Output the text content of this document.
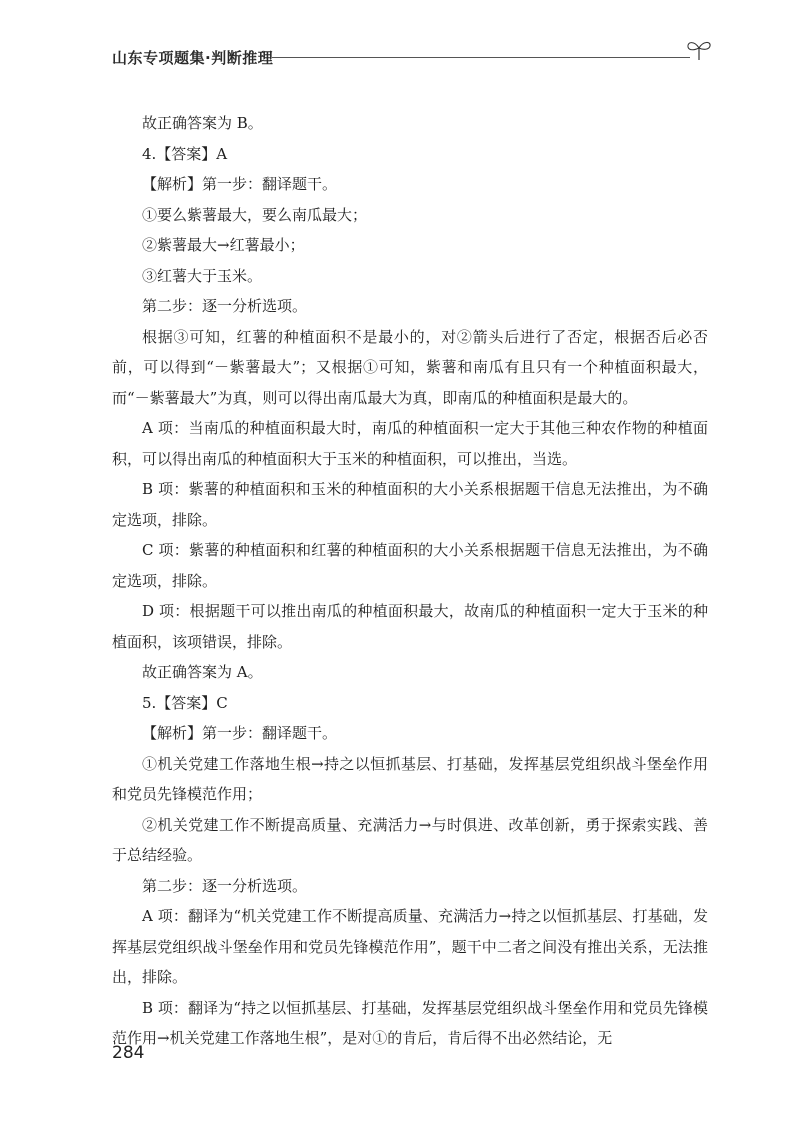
山东专项题集·判断推理

故正确答案为 B。

4.【答案】A

【解析】第一步：翻译题干。

①要么紫薯最大，要么南瓜最大；

②紫薯最大→红薯最小；

③红薯大于玉米。

第二步：逐一分析选项。

根据③可知，红薯的种植面积不是最小的，对②箭头后进行了否定，根据否后必否前，可以得到“－紫薯最大”；又根据①可知，紫薯和南瓜有且只有一个种植面积最大，而“－紫薯最大”为真，则可以得出南瓜最大为真，即南瓜的种植面积是最大的。

A 项：当南瓜的种植面积最大时，南瓜的种植面积一定大于其他三种农作物的种植面积，可以得出南瓜的种植面积大于玉米的种植面积，可以推出，当选。

B 项：紫薯的种植面积和玉米的种植面积的大小关系根据题干信息无法推出，为不确定选项，排除。

C 项：紫薯的种植面积和红薯的种植面积的大小关系根据题干信息无法推出，为不确定选项，排除。

D 项：根据题干可以推出南瓜的种植面积最大，故南瓜的种植面积一定大于玉米的种植面积，该项错误，排除。

故正确答案为 A。

5.【答案】C

【解析】第一步：翻译题干。

①机关党建工作落地生根→持之以恒抓基层、打基础，发挥基层党组织战斗堡垒作用和党员先锋模范作用；

②机关党建工作不断提高质量、充满活力→与时俱进、改革创新，勇于探索实践、善于总结经验。

第二步：逐一分析选项。

A 项：翻译为“机关党建工作不断提高质量、充满活力→持之以恒抓基层、打基础，发挥基层党组织战斗堡垒作用和党员先锋模范作用”，题干中二者之间没有推出关系，无法推出，排除。

B 项：翻译为“持之以恒抓基层、打基础，发挥基层党组织战斗堡垒作用和党员先锋模范作用→机关党建工作落地生根”，是对①的肯后，肯后得不出必然结论，无

284
